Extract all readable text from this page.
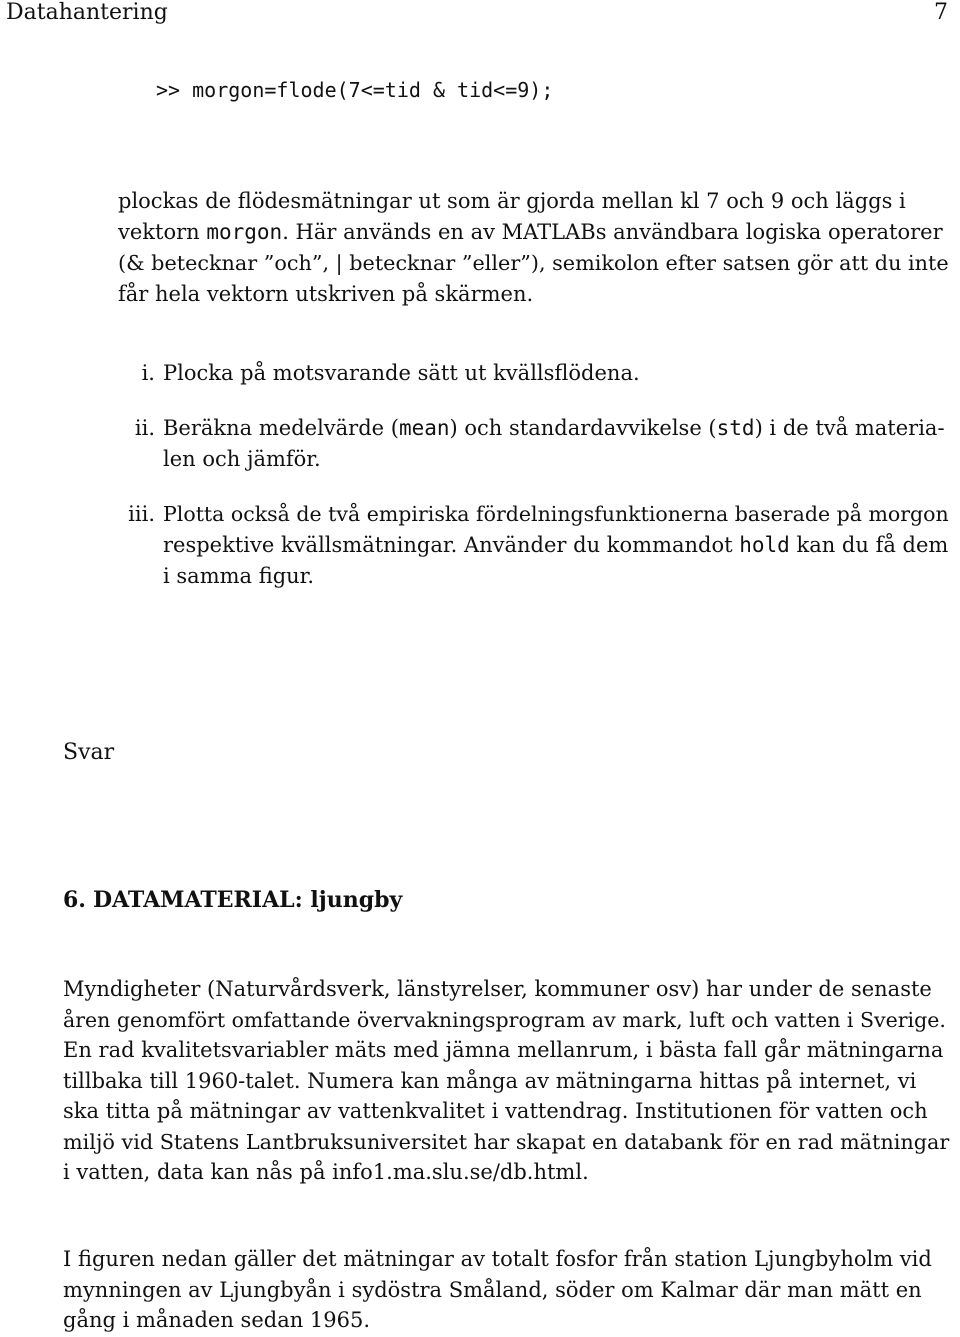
Datahantering	7
>> morgon=flode(7<=tid & tid<=9);
plockas de flödesmätningar ut som är gjorda mellan kl 7 och 9 och läggs i
vektorn morgon. Här används en av MATLABs användbara logiska operatorer
(& betecknar ”och”, | betecknar ”eller”), semikolon efter satsen gör att du inte
får hela vektorn utskriven på skärmen.
i. Plocka på motsvarande sätt ut kvällsflödena.
ii. Beräkna medelvärde (mean) och standardavvikelse (std) i de två materia-
len och jämför.
iii. Plotta också de två empiriska fördelningsfunktionerna baserade på morgon
respektive kvällsmätningar. Använder du kommandot hold kan du få dem
i samma figur.
Svar
6. DATAMATERIAL: ljungby
Myndigheter (Naturvårdsverk, länstyrelser, kommuner osv) har under de senaste
åren genomfört omfattande övervakningsprogram av mark, luft och vatten i Sverige.
En rad kvalitetsvariabler mäts med jämna mellanrum, i bästa fall går mätningarna
tillbaka till 1960-talet. Numera kan många av mätningarna hittas på internet, vi
ska titta på mätningar av vattenkvalitet i vattendrag. Institutionen för vatten och
miljö vid Statens Lantbruksuniversitet har skapat en databank för en rad mätningar
i vatten, data kan nås på info1.ma.slu.se/db.html.
I figuren nedan gäller det mätningar av totalt fosfor från station Ljungbyholm vid
mynningen av Ljungbyån i sydöstra Småland, söder om Kalmar där man mätt en
gång i månaden sedan 1965.
